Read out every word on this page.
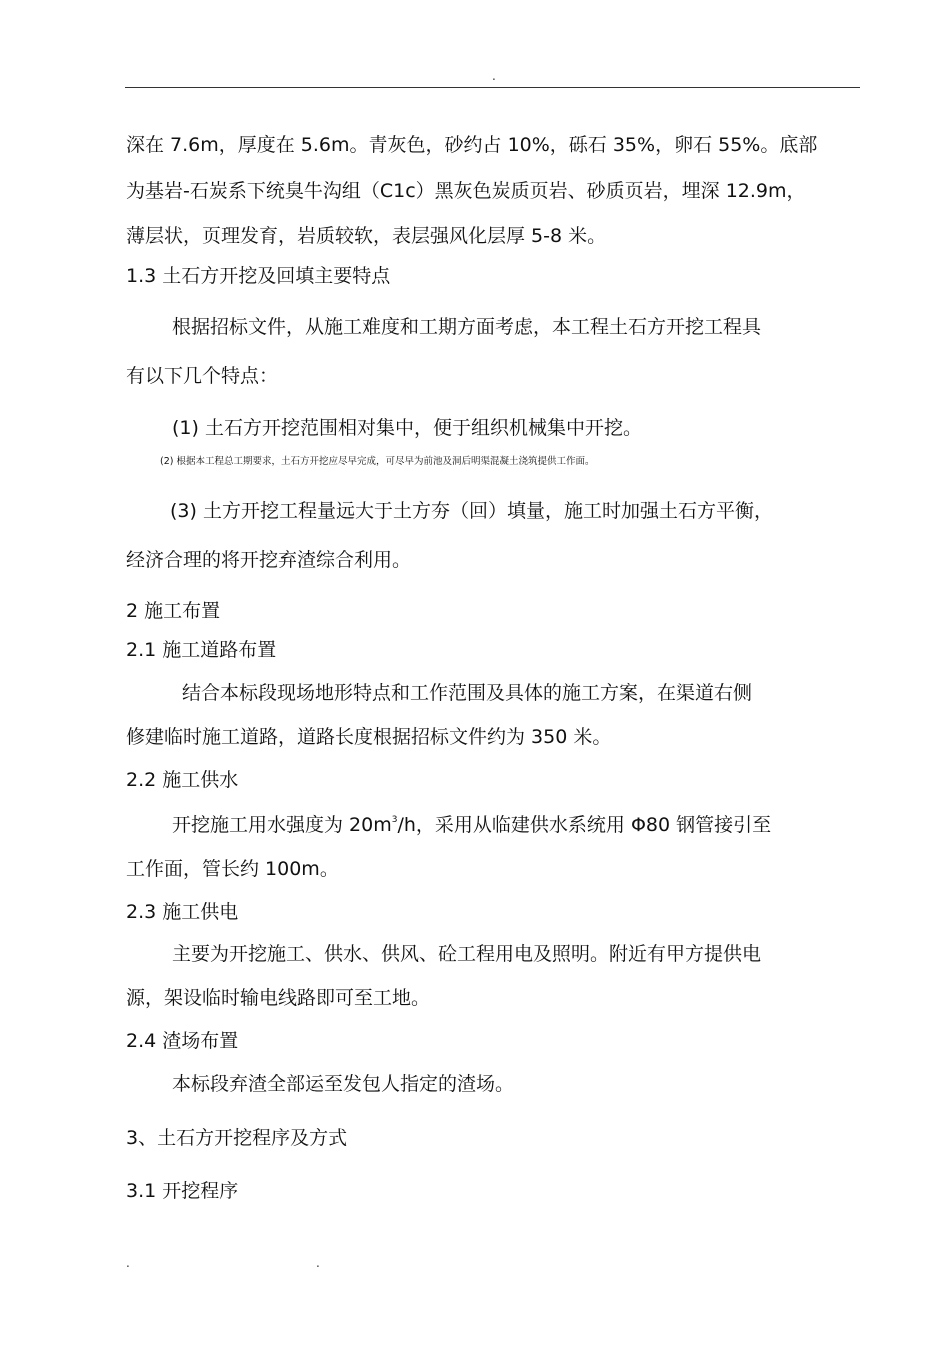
.
深在 7.6m，厚度在 5.6m。青灰色，砂约占 10%，砾石 35%，卵石 55%。底部
为基岩-石炭系下统臭牛沟组（C1c）黑灰色炭质页岩、砂质页岩，埋深 12.9m，
薄层状，页理发育，岩质较软，表层强风化层厚 5-8 米。
1.3 土石方开挖及回填主要特点
根据招标文件，从施工难度和工期方面考虑，本工程土石方开挖工程具
有以下几个特点：
(1) 土石方开挖范围相对集中，便于组织机械集中开挖。
(2) 根据本工程总工期要求，土石方开挖应尽早完成，可尽早为前池及洞后明渠混凝土浇筑提供工作面。
(3) 土方开挖工程量远大于土方夯（回）填量，施工时加强土石方平衡，
经济合理的将开挖弃渣综合利用。
2 施工布置
2.1 施工道路布置
结合本标段现场地形特点和工作范围及具体的施工方案，在渠道右侧
修建临时施工道路，道路长度根据招标文件约为 350 米。
2.2 施工供水
开挖施工用水强度为 $20m^3/h$，采用从临建供水系统用 Φ80 钢管接引至
工作面，管长约 100m。
2.3 施工供电
主要为开挖施工、供水、供风、砼工程用电及照明。附近有甲方提供电
源，架设临时输电线路即可至工地。
2.4 渣场布置
本标段弃渣全部运至发包人指定的渣场。
3、土石方开挖程序及方式
3.1 开挖程序
.	.
